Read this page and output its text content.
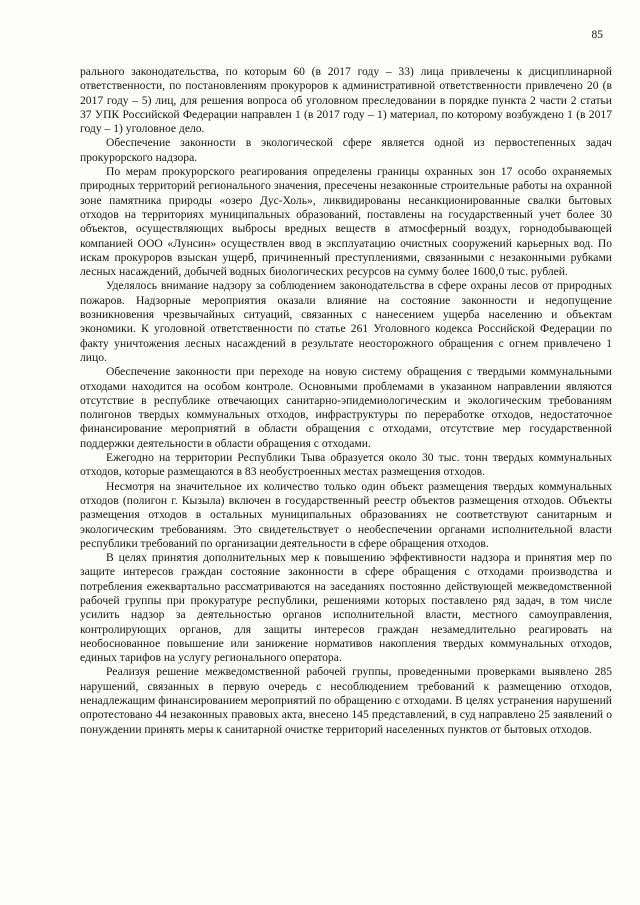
85

рального законодательства, по которым 60 (в 2017 году – 33) лица привлечены к дисциплинарной ответственности, по постановлениям прокуроров к административной ответственности привлечено 20 (в 2017 году – 5) лиц, для решения вопроса об уголовном преследовании в порядке пункта 2 части 2 статьи 37 УПК Российской Федерации направлен 1 (в 2017 году – 1) материал, по которому возбуждено 1 (в 2017 году – 1) уголовное дело.

Обеспечение законности в экологической сфере является одной из первостепенных задач прокурорского надзора.

По мерам прокурорского реагирования определены границы охранных зон 17 особо охраняемых природных территорий регионального значения, пресечены незаконные строительные работы на охранной зоне памятника природы «озеро Дус-Холь», ликвидированы несанкционированные свалки бытовых отходов на территориях муниципальных образований, поставлены на государственный учет более 30 объектов, осуществляющих выбросы вредных веществ в атмосферный воздух, горнодобывающей компанией ООО «Лунсин» осуществлен ввод в эксплуатацию очистных сооружений карьерных вод. По искам прокуроров взыскан ущерб, причиненный преступлениями, связанными с незаконными рубками лесных насаждений, добычей водных биологических ресурсов на сумму более 1600,0 тыс. рублей.

Уделялось внимание надзору за соблюдением законодательства в сфере охраны лесов от природных пожаров. Надзорные мероприятия оказали влияние на состояние законности и недопущение возникновения чрезвычайных ситуаций, связанных с нанесением ущерба населению и объектам экономики. К уголовной ответственности по статье 261 Уголовного кодекса Российской Федерации по факту уничтожения лесных насаждений в результате неосторожного обращения с огнем привлечено 1 лицо.

Обеспечение законности при переходе на новую систему обращения с твердыми коммунальными отходами находится на особом контроле. Основными проблемами в указанном направлении являются отсутствие в республике отвечающих санитарно-эпидемиологическим и экологическим требованиям полигонов твердых коммунальных отходов, инфраструктуры по переработке отходов, недостаточное финансирование мероприятий в области обращения с отходами, отсутствие мер государственной поддержки деятельности в области обращения с отходами.

Ежегодно на территории Республики Тыва образуется около 30 тыс. тонн твердых коммунальных отходов, которые размещаются в 83 необустроенных местах размещения отходов.

Несмотря на значительное их количество только один объект размещения твердых коммунальных отходов (полигон г. Кызыла) включен в государственный реестр объектов размещения отходов. Объекты размещения отходов в остальных муниципальных образованиях не соответствуют санитарным и экологическим требованиям. Это свидетельствует о необеспечении органами исполнительной власти республики требований по организации деятельности в сфере обращения отходов.

В целях принятия дополнительных мер к повышению эффективности надзора и принятия мер по защите интересов граждан состояние законности в сфере обращения с отходами производства и потребления ежеквартально рассматриваются на заседаниях постоянно действующей межведомственной рабочей группы при прокуратуре республики, решениями которых поставлено ряд задач, в том числе усилить надзор за деятельностью органов исполнительной власти, местного самоуправления, контролирующих органов, для защиты интересов граждан незамедлительно реагировать на необоснованное повышение или занижение нормативов накопления твердых коммунальных отходов, единых тарифов на услугу регионального оператора.

Реализуя решение межведомственной рабочей группы, проведенными проверками выявлено 285 нарушений, связанных в первую очередь с несоблюдением требований к размещению отходов, ненадлежащим финансированием мероприятий по обращению с отходами. В целях устранения нарушений опротестовано 44 незаконных правовых акта, внесено 145 представлений, в суд направлено 25 заявлений о понуждении принять меры к санитарной очистке территорий населенных пунктов от бытовых отходов.
